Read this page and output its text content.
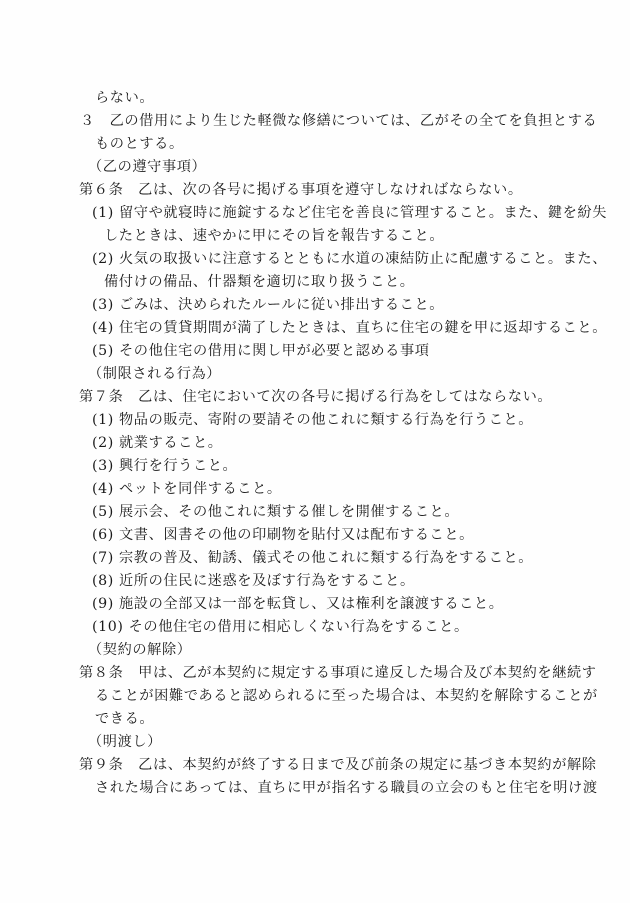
らない。
３　乙の借用により生じた軽微な修繕については、乙がその全てを負担とする
ものとする。
（乙の遵守事項）
第６条　乙は、次の各号に掲げる事項を遵守しなければならない。
(1) 留守や就寝時に施錠するなど住宅を善良に管理すること。また、鍵を紛失
したときは、速やかに甲にその旨を報告すること。
(2) 火気の取扱いに注意するとともに水道の凍結防止に配慮すること。また、
備付けの備品、什器類を適切に取り扱うこと。
(3) ごみは、決められたルールに従い排出すること。
(4) 住宅の賃貸期間が満了したときは、直ちに住宅の鍵を甲に返却すること。
(5) その他住宅の借用に関し甲が必要と認める事項
（制限される行為）
第７条　乙は、住宅において次の各号に掲げる行為をしてはならない。
(1) 物品の販売、寄附の要請その他これに類する行為を行うこと。
(2) 就業すること。
(3) 興行を行うこと。
(4) ペットを同伴すること。
(5) 展示会、その他これに類する催しを開催すること。
(6) 文書、図書その他の印刷物を貼付又は配布すること。
(7) 宗教の普及、勧誘、儀式その他これに類する行為をすること。
(8) 近所の住民に迷惑を及ぼす行為をすること。
(9) 施設の全部又は一部を転貸し、又は権利を譲渡すること。
(10) その他住宅の借用に相応しくない行為をすること。
（契約の解除）
第８条　甲は、乙が本契約に規定する事項に違反した場合及び本契約を継続す
ることが困難であると認められるに至った場合は、本契約を解除することが
できる。
（明渡し）
第９条　乙は、本契約が終了する日まで及び前条の規定に基づき本契約が解除
された場合にあっては、直ちに甲が指名する職員の立会のもと住宅を明け渡
